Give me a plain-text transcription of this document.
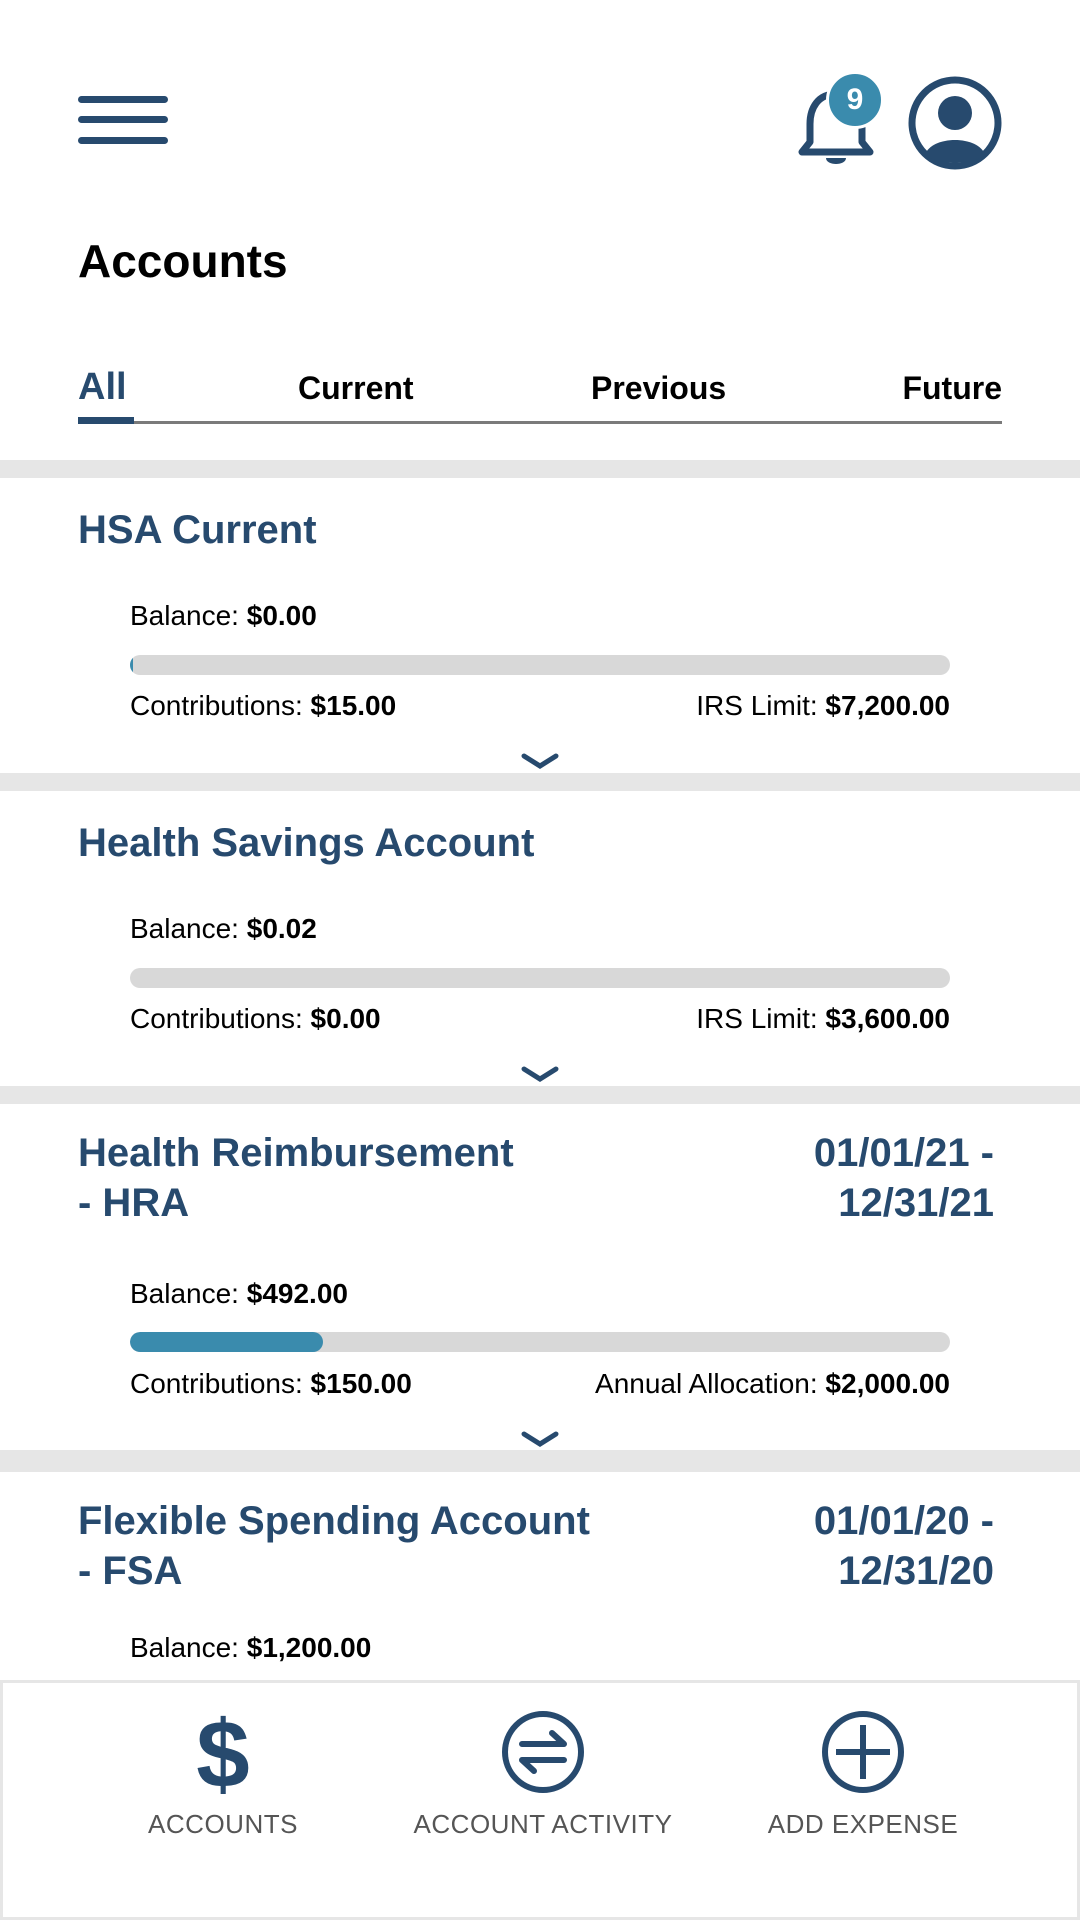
9
Accounts
All	Current	Previous	Future
HSA Current
Balance: $0.00
Contributions: $15.00	IRS Limit: $7,200.00
Health Savings Account
Balance: $0.02
Contributions: $0.00	IRS Limit: $3,600.00
Health Reimbursement
- HRA
01/01/21 -
12/31/21
Balance: $492.00
Contributions: $150.00	Annual Allocation: $2,000.00
Flexible Spending Account
- FSA
01/01/20 -
12/31/20
Balance: $1,200.00
$
ACCOUNTS	ACCOUNT ACTIVITY	ADD EXPENSE
